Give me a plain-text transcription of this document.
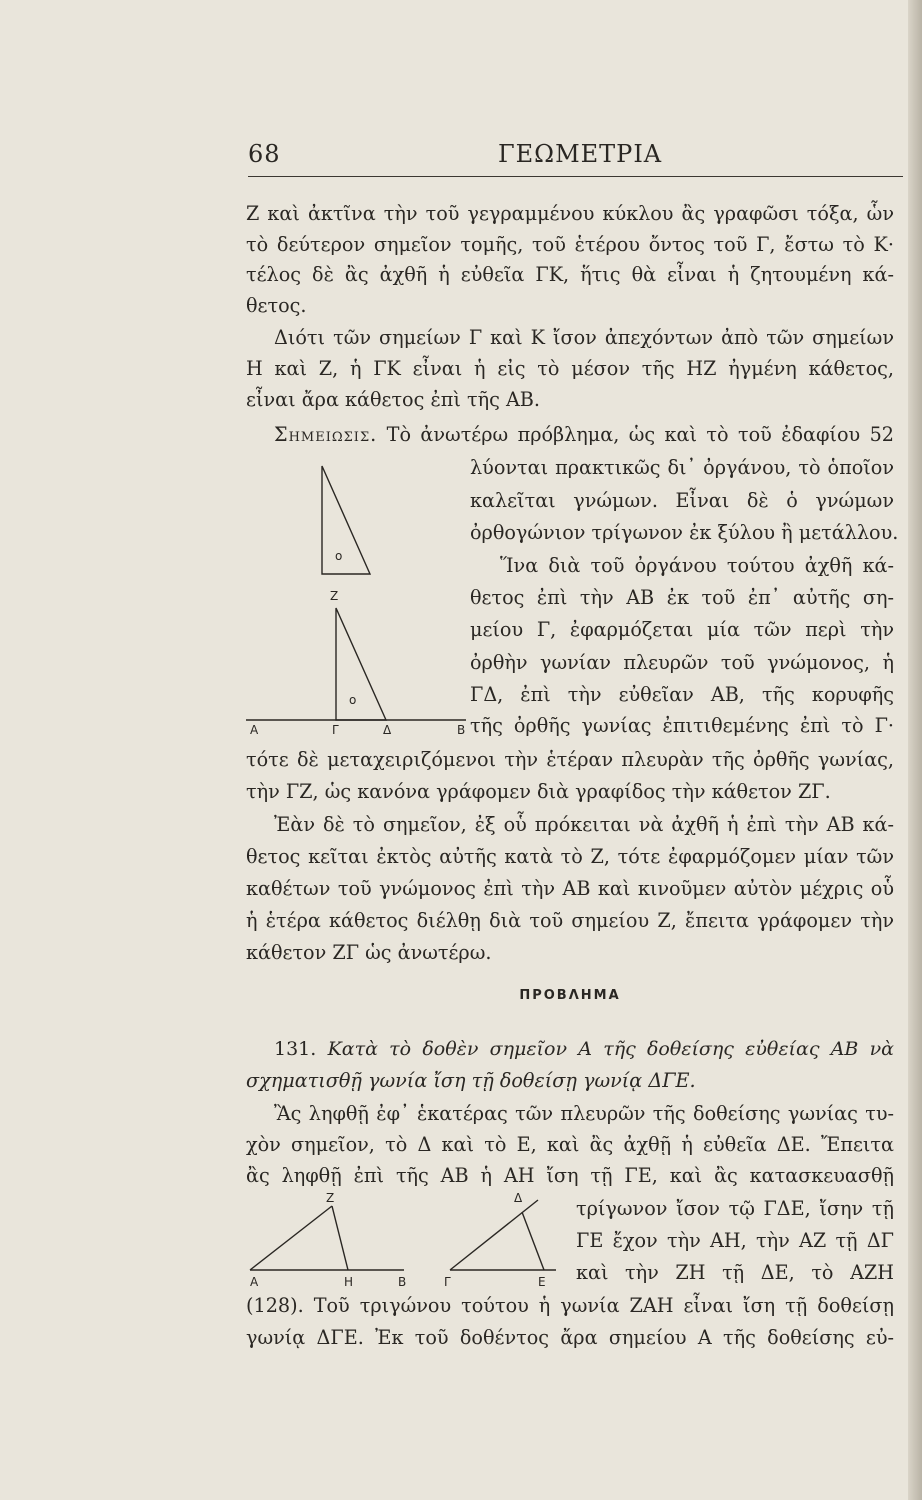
68	ΓΕΩΜΕΤΡΙΑ
Ζ καὶ ἀκτῖνα τὴν τοῦ γεγραμμένου κύκλου ἂς γραφῶσι τόξα, ὧν
τὸ δεύτερον σημεῖον τομῆς, τοῦ ἑτέρου ὄντος τοῦ Γ, ἔστω τὸ Κ·
τέλος δὲ ἂς ἀχθῆ ἡ εὐθεῖα ΓΚ, ἥτις θὰ εἶναι ἡ ζητουμένη κά-
θετος.
Διότι τῶν σημείων Γ καὶ Κ ἴσον ἀπεχόντων ἀπὸ τῶν σημείων
Η καὶ Ζ, ἡ ΓΚ εἶναι ἡ εἰς τὸ μέσον τῆς ΗΖ ἠγμένη κάθετος,
εἶναι ἄρα κάθετος ἐπὶ τῆς ΑΒ.
Σημειωσις. Τὸ ἀνωτέρω πρόβλημα, ὡς καὶ τὸ τοῦ ἐδαφίου 52
λύονται πρακτικῶς δι᾽ ὀργάνου, τὸ ὁποῖον
καλεῖται γνώμων. Εἶναι δὲ ὁ γνώμων
ὀρθογώνιον τρίγωνον ἐκ ξύλου ἢ μετάλλου.
Ἵνα διὰ τοῦ ὀργάνου τούτου ἀχθῆ κά-
θετος ἐπὶ τὴν ΑΒ ἐκ τοῦ ἐπ᾽ αὐτῆς ση-
μείου Γ, ἐφαρμόζεται μία τῶν περὶ τὴν
ὀρθὴν γωνίαν πλευρῶν τοῦ γνώμονος, ἡ
ΓΔ, ἐπὶ τὴν εὐθεῖαν ΑΒ, τῆς κορυφῆς
τῆς ὀρθῆς γωνίας ἐπιτιθεμένης ἐπὶ τὸ Γ·
o
Ζ
o
Α	Γ	Δ	Β
τότε δὲ μεταχειριζόμενοι τὴν ἑτέραν πλευρὰν τῆς ὀρθῆς γωνίας,
τὴν ΓΖ, ὡς κανόνα γράφομεν διὰ γραφίδος τὴν κάθετον ΖΓ.
Ἐὰν δὲ τὸ σημεῖον, ἐξ οὗ πρόκειται νὰ ἀχθῆ ἡ ἐπὶ τὴν ΑΒ κά-
θετος κεῖται ἐκτὸς αὐτῆς κατὰ τὸ Ζ, τότε ἐφαρμόζομεν μίαν τῶν
καθέτων τοῦ γνώμονος ἐπὶ τὴν ΑΒ καὶ κινοῦμεν αὐτὸν μέχρις οὗ
ἡ ἑτέρα κάθετος διέλθῃ διὰ τοῦ σημείου Ζ, ἔπειτα γράφομεν τὴν
κάθετον ΖΓ ὡς ἀνωτέρω.
ΠΡΟΒΛΗΜΑ
131. Κατὰ τὸ δοθὲν σημεῖον Α τῆς δοθείσης εὐθείας ΑΒ νὰ
σχηματισθῇ γωνία ἴση τῇ δοθείσῃ γωνίᾳ ΔΓΕ.
Ἂς ληφθῇ ἐφ᾽ ἑκατέρας τῶν πλευρῶν τῆς δοθείσης γωνίας τυ-
χὸν σημεῖον, τὸ Δ καὶ τὸ Ε, καὶ ἂς ἀχθῇ ἡ εὐθεῖα ΔΕ. Ἔπειτα
ἂς ληφθῇ ἐπὶ τῆς ΑΒ ἡ ΑΗ ἴση τῇ ΓΕ, καὶ ἂς κατασκευασθῇ
τρίγωνον ἴσον τῷ ΓΔΕ, ἴσην τῇ
ΓΕ ἔχον τὴν ΑΗ, τὴν ΑΖ τῇ ΔΓ
καὶ τὴν ΖΗ τῇ ΔΕ, τὸ ΑΖΗ
(128). Τοῦ τριγώνου τούτου ἡ γωνία ΖΑΗ εἶναι ἴση τῇ δοθείσῃ
γωνίᾳ ΔΓΕ. Ἐκ τοῦ δοθέντος ἄρα σημείου Α τῆς δοθείσης εὐ-
Ζ
Α	Η	Β
Δ
Γ	Ε
